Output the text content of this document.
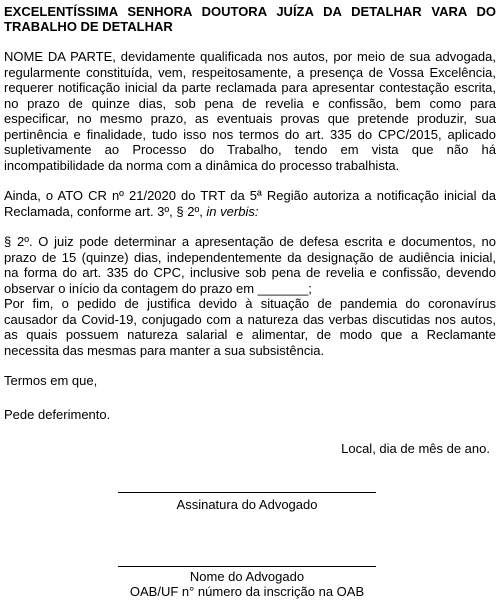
EXCELENTÍSSIMA SENHORA DOUTORA JUÍZA DA DETALHAR VARA DO
TRABALHO DE DETALHAR

NOME DA PARTE, devidamente qualificada nos autos, por meio de sua advogada, regularmente constituída, vem, respeitosamente, a presença de Vossa Excelência, requerer notificação inicial da parte reclamada para apresentar contestação escrita, no prazo de quinze dias, sob pena de revelia e confissão, bem como para especificar, no mesmo prazo, as eventuais provas que pretende produzir, sua pertinência e finalidade, tudo isso nos termos do art. 335 do CPC/2015, aplicado supletivamente ao Processo do Trabalho, tendo em vista que não há incompatibilidade da norma com a dinâmica do processo trabalhista.

Ainda, o ATO CR nº 21/2020 do TRT da 5ª Região autoriza a notificação inicial da Reclamada, conforme art. 3º, § 2º, in verbis:

§ 2º. O juiz pode determinar a apresentação de defesa escrita e documentos, no prazo de 15 (quinze) dias, independentemente da designação de audiência inicial, na forma do art. 335 do CPC, inclusive sob pena de revelia e confissão, devendo observar o início da contagem do prazo em _______;

Por fim, o pedido de justifica devido à situação de pandemia do coronavírus causador da Covid-19, conjugado com a natureza das verbas discutidas nos autos, as quais possuem natureza salarial e alimentar, de modo que a Reclamante necessita das mesmas para manter a sua subsistência.

Termos em que,

Pede deferimento.

Local, dia de mês de ano.

Assinatura do Advogado
Nome do Advogado
OAB/UF n° número da inscrição na OAB
